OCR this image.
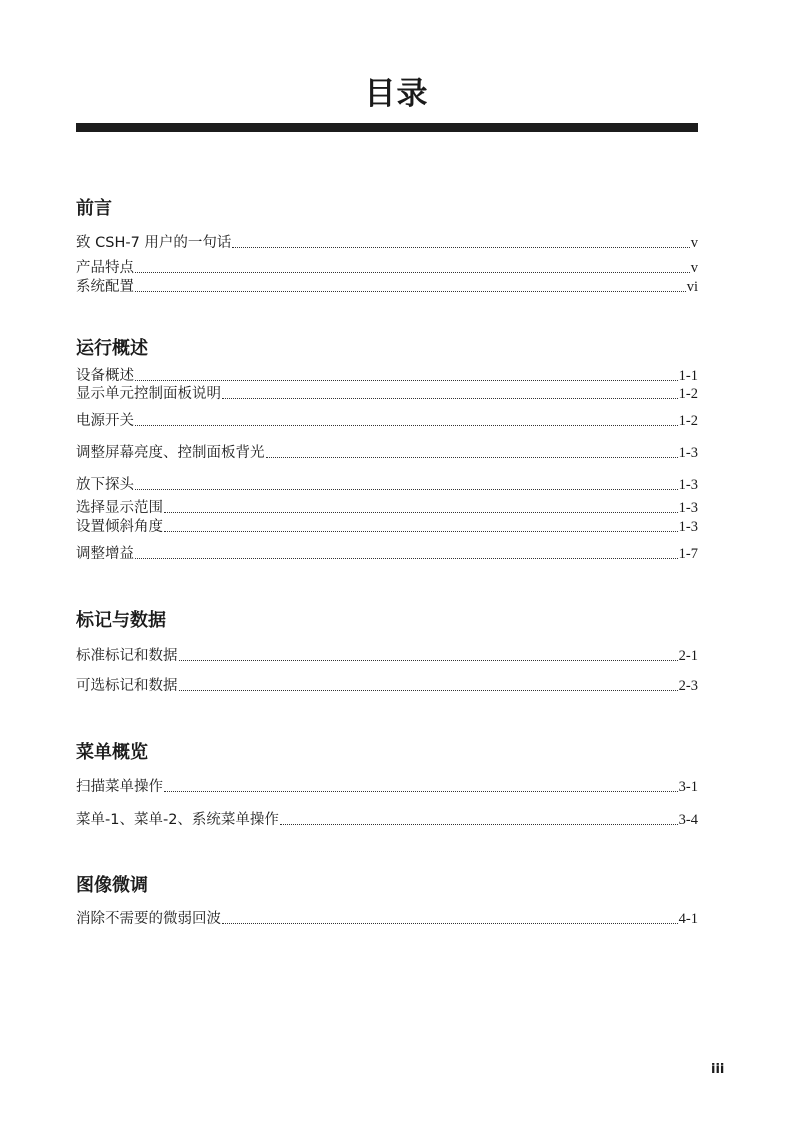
目录
前言
致 CSH-7 用户的一句话	v
产品特点	v
系统配置	vi
运行概述
设备概述	1-1
显示单元控制面板说明	1-2
电源开关	1-2
调整屏幕亮度、控制面板背光	1-3
放下探头	1-3
选择显示范围	1-3
设置倾斜角度	1-3
调整增益	1-7
标记与数据
标准标记和数据	2-1
可选标记和数据	2-3
菜单概览
扫描菜单操作	3-1
菜单-1、菜单-2、系统菜单操作	3-4
图像微调
消除不需要的微弱回波	4-1
iii
